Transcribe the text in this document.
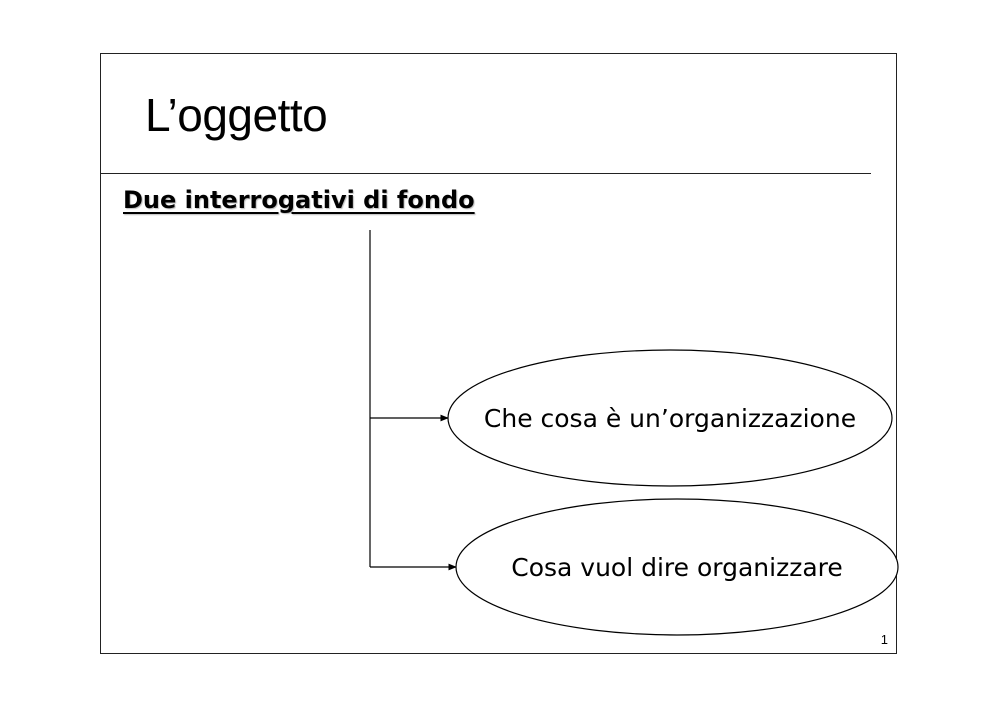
L’oggetto
Due interrogativi di fondo
Che cosa è un’organizzazione
Cosa vuol dire organizzare
1
